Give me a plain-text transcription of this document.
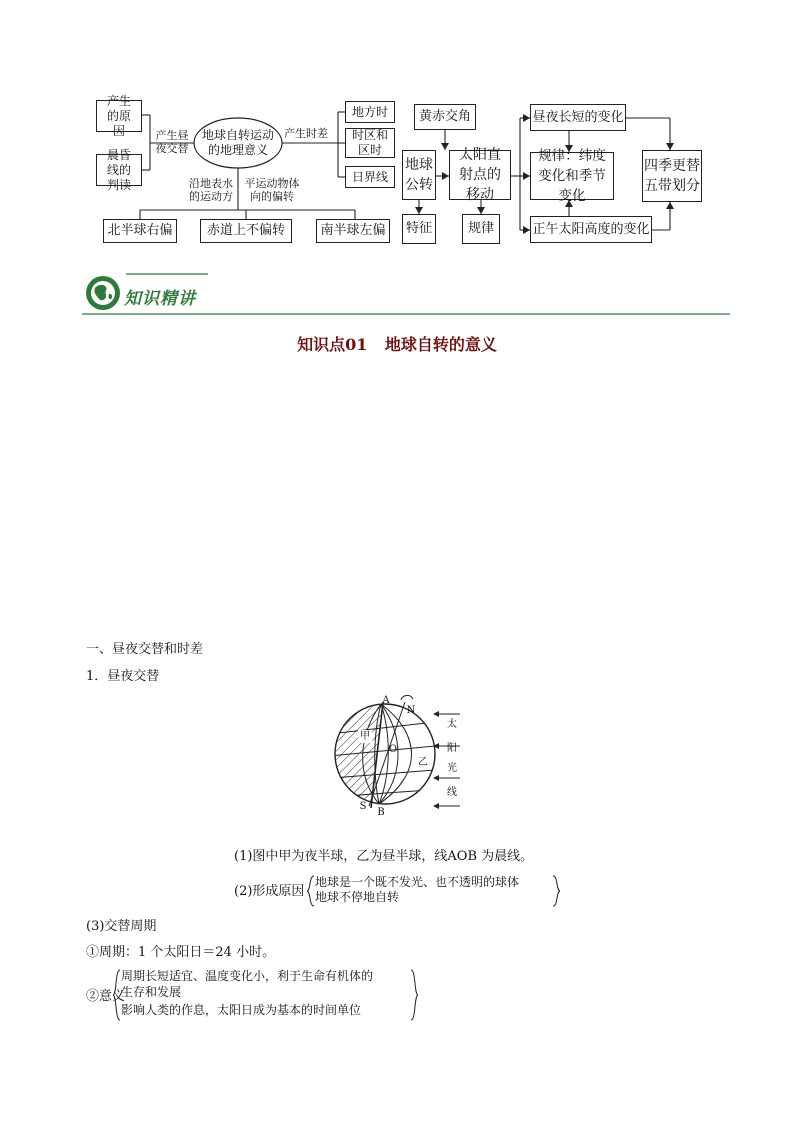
产生的原因
晨昏线的判读
产生昼夜交替
地球自转运动的地理意义
产生时差
地方时
时区和区时
日界线
沿地表水的运动方
平运动物体向的偏转
北半球右偏	赤道上不偏转	南半球左偏
地球公转
特征
黄赤交角
太阳直射点的移动
规律
昼夜长短的变化
规律：纬度变化和季节变化
正午太阳高度的变化
四季更替五带划分
知识精讲
知识点01 地球自转的意义
一、昼夜交替和时差
1．昼夜交替
A
N
O
S
B
甲
乙
太
阳
光
线
(1)图中甲为夜半球，乙为昼半球，线AOB 为晨线。
(2)形成原因
地球是一个既不发光、也不透明的球体
地球不停地自转
(3)交替周期
①周期：1 个太阳日＝24 小时。
②意义
周期长短适宜、温度变化小，利于生命有机体的
生存和发展
影响人类的作息，太阳日成为基本的时间单位
